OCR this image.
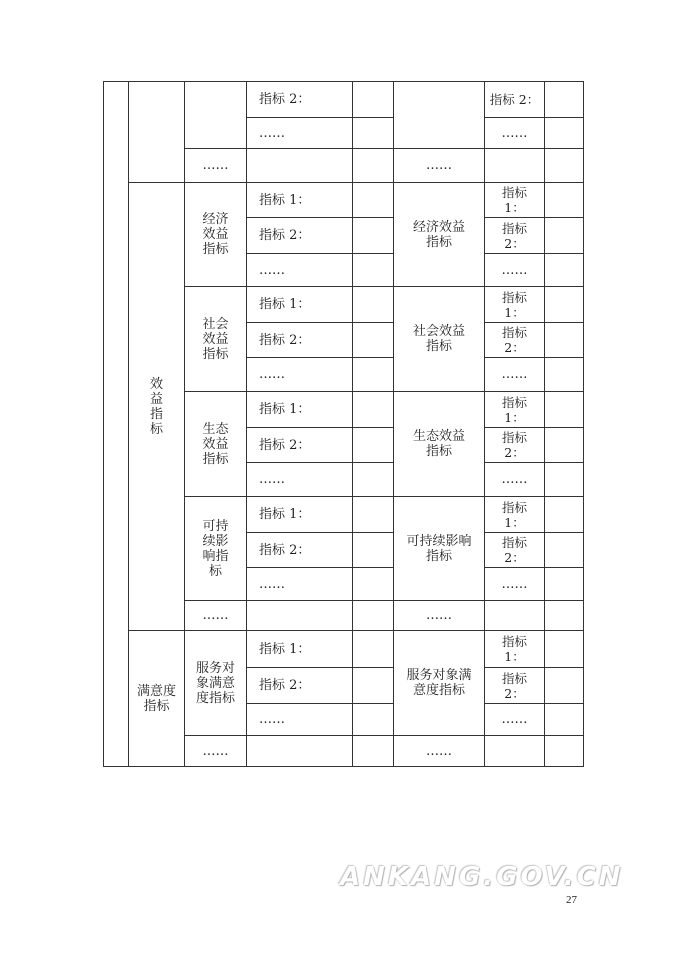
			指标 2：			指标 2：	
			……			……	
		……			……		
	效益指标	经济效益指标	指标 1：		经济效益指标	指标 1：	
			指标 2：			指标 2：	
			……			……	
		社会效益指标	指标 1：		社会效益指标	指标 1：	
			指标 2：			指标 2：	
			……			……	
		生态效益指标	指标 1：		生态效益指标	指标 1：	
			指标 2：			指标 2：	
			……			……	
		可持续影响指标	指标 1：		可持续影响指标	指标 1：	
			指标 2：			指标 2：	
			……			……	
		……			……		
	满意度指标	服务对象满意度指标	指标 1：		服务对象满意度指标	指标 1：	
			指标 2：			指标 2：	
			……			……	
		……			……		
ANKANG.GOV.CN
27
